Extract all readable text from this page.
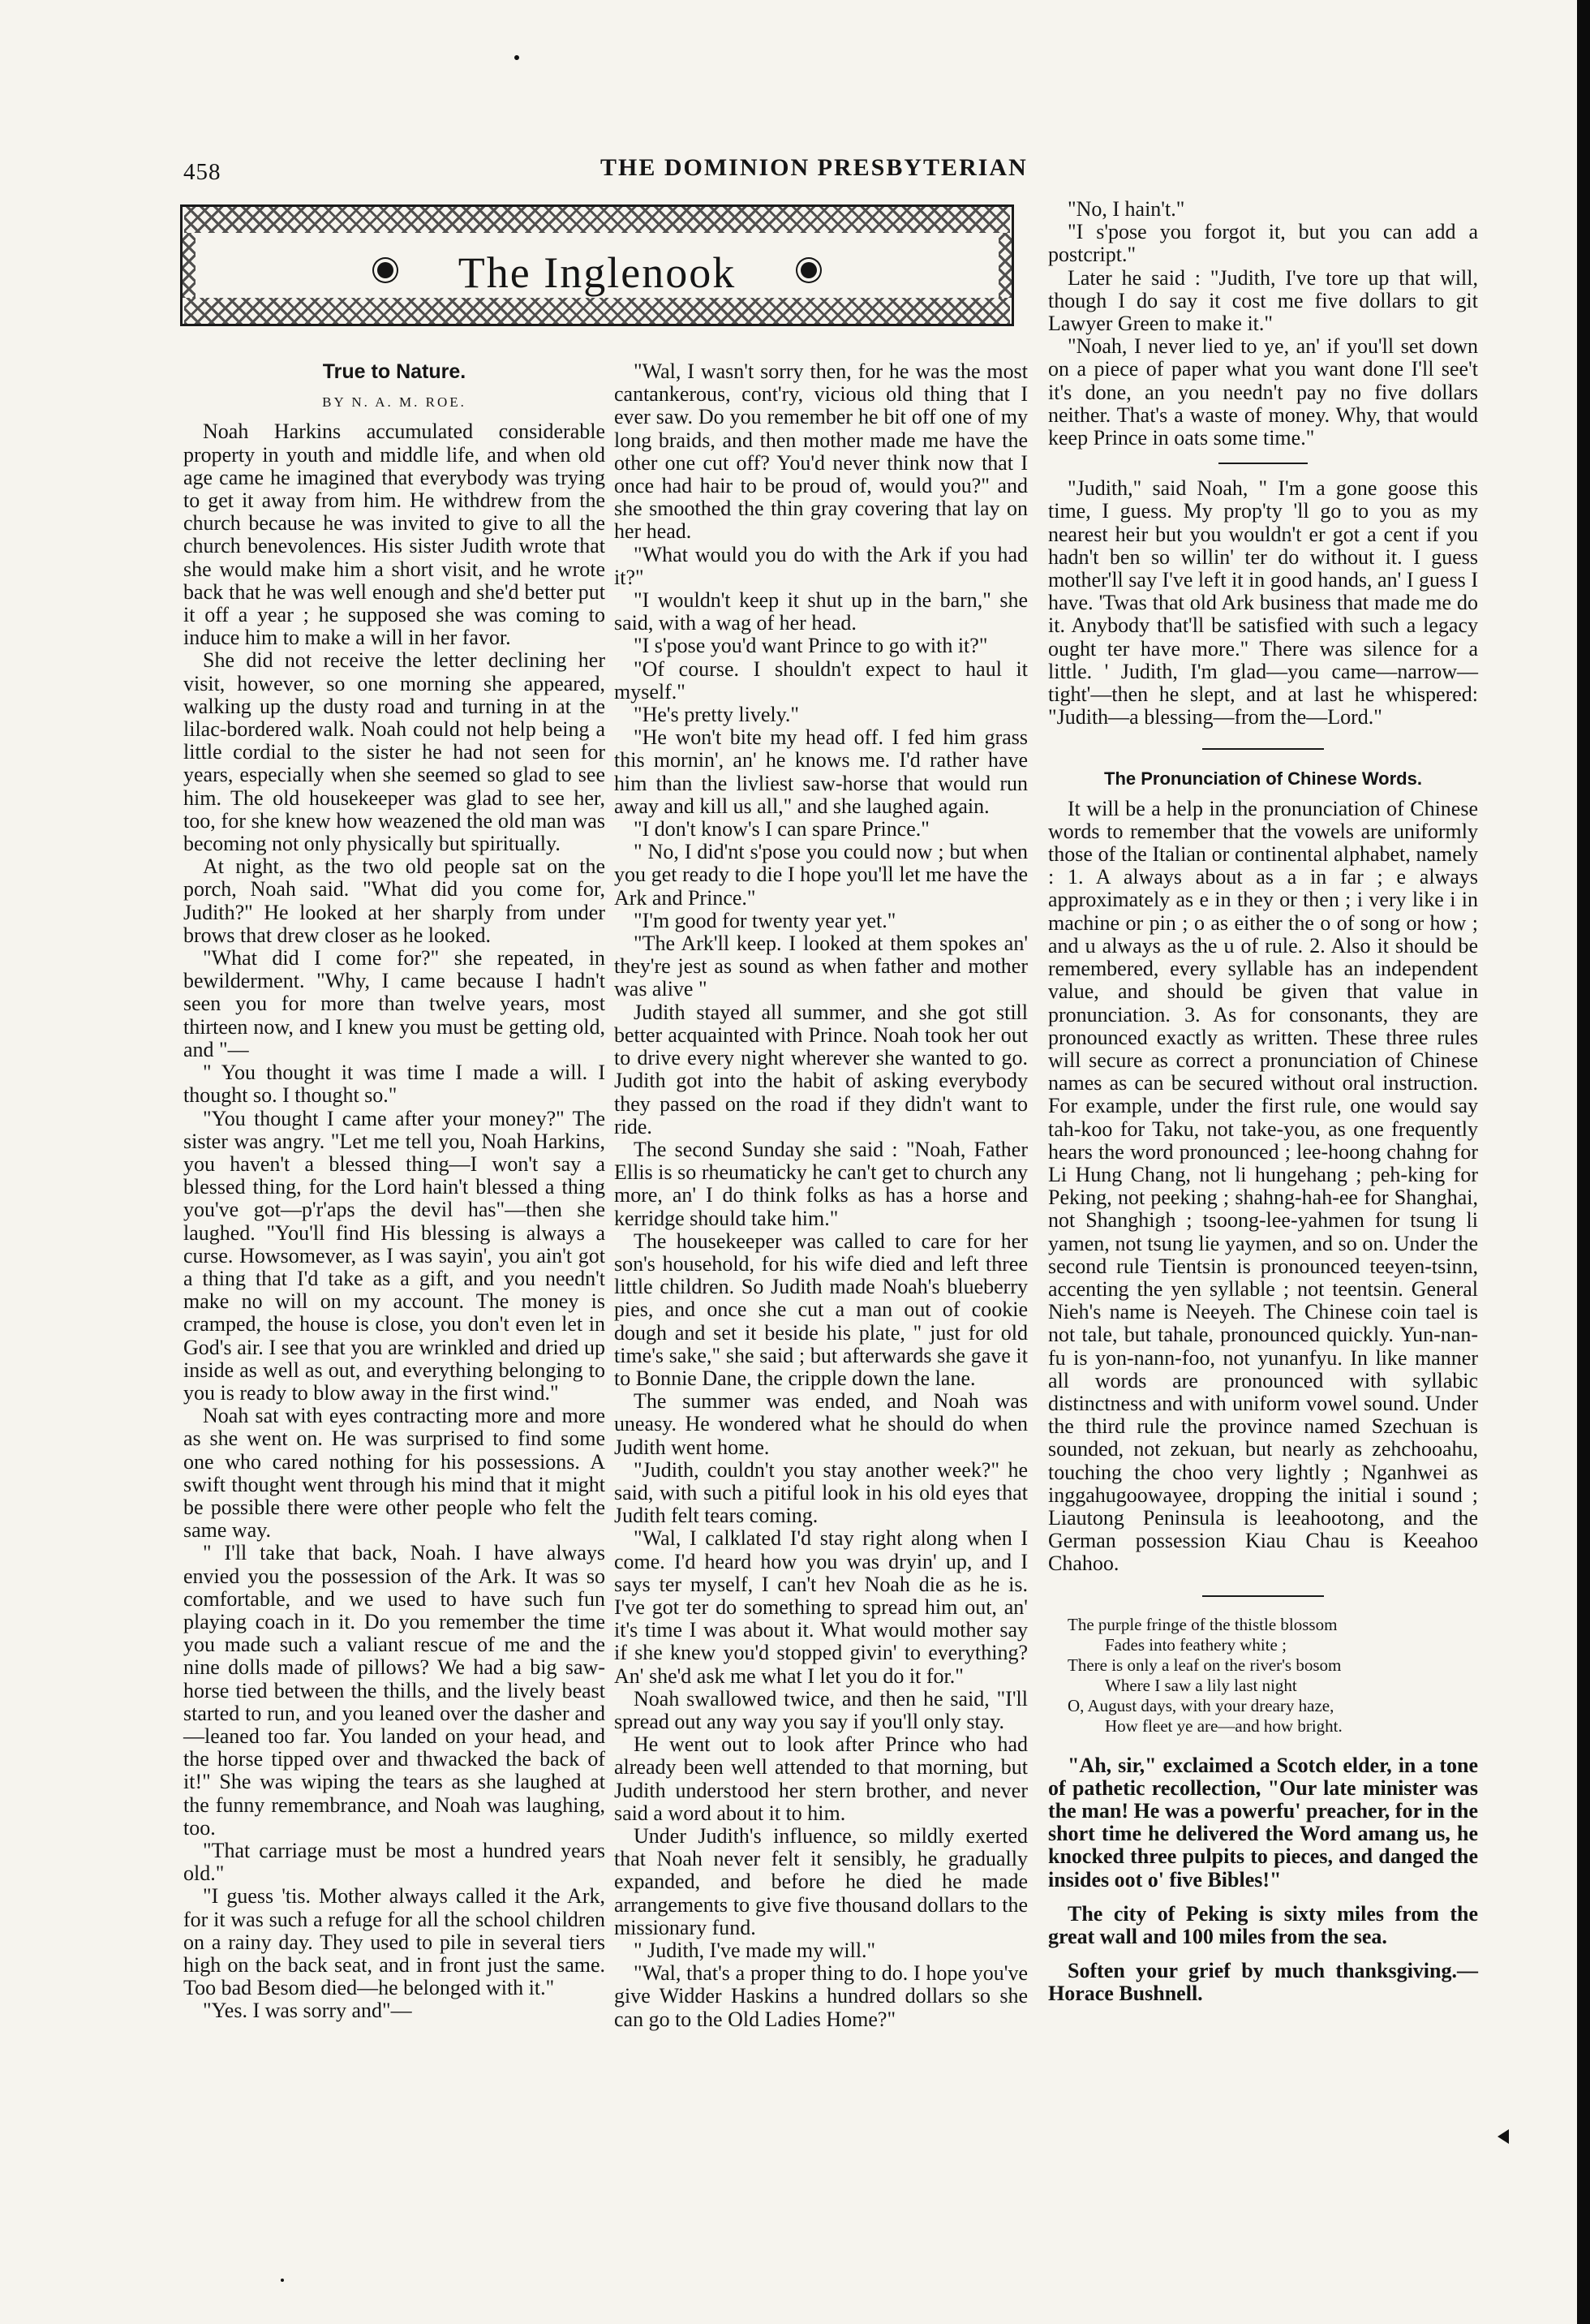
458	THE DOMINION PRESBYTERIAN
The Inglenook
True to Nature.
BY N. A. M. ROE.

Noah Harkins accumulated considerable property in youth and middle life, and when old age came he imagined that everybody was trying to get it away from him. He withdrew from the church because he was invited to give to all the church benevolences. His sister Judith wrote that she would make him a short visit, and he wrote back that he was well enough and she'd better put it off a year ; he supposed she was coming to induce him to make a will in her favor.

She did not receive the letter declining her visit, however, so one morning she appeared, walking up the dusty road and turning in at the lilac-bordered walk. Noah could not help being a little cordial to the sister he had not seen for years, especially when she seemed so glad to see him. The old housekeeper was glad to see her, too, for she knew how weazened the old man was becoming not only physically but spiritually.

At night, as the two old people sat on the porch, Noah said. "What did you come for, Judith?" He looked at her sharply from under brows that drew closer as he looked.

"What did I come for?" she repeated, in bewilderment. "Why, I came because I hadn't seen you for more than twelve years, most thirteen now, and I knew you must be getting old, and "—

" You thought it was time I made a will. I thought so. I thought so."

"You thought I came after your money?" The sister was angry. "Let me tell you, Noah Harkins, you haven't a blessed thing—I won't say a blessed thing, for the Lord hain't blessed a thing you've got—p'r'aps the devil has"—then she laughed. "You'll find His blessing is always a curse. Howsomever, as I was sayin', you ain't got a thing that I'd take as a gift, and you needn't make no will on my account. The money is cramped, the house is close, you don't even let in God's air. I see that you are wrinkled and dried up inside as well as out, and everything belonging to you is ready to blow away in the first wind."

Noah sat with eyes contracting more and more as she went on. He was surprised to find some one who cared nothing for his possessions. A swift thought went through his mind that it might be possible there were other people who felt the same way.

" I'll take that back, Noah. I have always envied you the possession of the Ark. It was so comfortable, and we used to have such fun playing coach in it. Do you remember the time you made such a valiant rescue of me and the nine dolls made of pillows? We had a big saw-horse tied between the thills, and the lively beast started to run, and you leaned over the dasher and—leaned too far. You landed on your head, and the horse tipped over and thwacked the back of it!" She was wiping the tears as she laughed at the funny remembrance, and Noah was laughing, too.

"That carriage must be most a hundred years old."

"I guess 'tis. Mother always called it the Ark, for it was such a refuge for all the school children on a rainy day. They used to pile in several tiers high on the back seat, and in front just the same. Too bad Besom died—he belonged with it."

"Yes. I was sorry and"—

"Wal, I wasn't sorry then, for he was the most cantankerous, cont'ry, vicious old thing that I ever saw. Do you remember he bit off one of my long braids, and then mother made me have the other one cut off? You'd never think now that I once had hair to be proud of, would you?" and she smoothed the thin gray covering that lay on her head.

"What would you do with the Ark if you had it?"

"I wouldn't keep it shut up in the barn," she said, with a wag of her head.

"I s'pose you'd want Prince to go with it?"

"Of course. I shouldn't expect to haul it myself."

"He's pretty lively."

"He won't bite my head off. I fed him grass this mornin', an' he knows me. I'd rather have him than the livliest saw-horse that would run away and kill us all," and she laughed again.

"I don't know's I can spare Prince."

" No, I did'nt s'pose you could now ; but when you get ready to die I hope you'll let me have the Ark and Prince."

"I'm good for twenty year yet."

"The Ark'll keep. I looked at them spokes an' they're jest as sound as when father and mother was alive "

Judith stayed all summer, and she got still better acquainted with Prince. Noah took her out to drive every night wherever she wanted to go. Judith got into the habit of asking everybody they passed on the road if they didn't want to ride.

The second Sunday she said : "Noah, Father Ellis is so rheumaticky he can't get to church any more, an' I do think folks as has a horse and kerridge should take him."

The housekeeper was called to care for her son's household, for his wife died and left three little children. So Judith made Noah's blueberry pies, and once she cut a man out of cookie dough and set it beside his plate, " just for old time's sake," she said ; but afterwards she gave it to Bonnie Dane, the cripple down the lane.

The summer was ended, and Noah was uneasy. He wondered what he should do when Judith went home.

"Judith, couldn't you stay another week?" he said, with such a pitiful look in his old eyes that Judith felt tears coming.

"Wal, I calklated I'd stay right along when I come. I'd heard how you was dryin' up, and I says ter myself, I can't hev Noah die as he is. I've got ter do something to spread him out, an' it's time I was about it. What would mother say if she knew you'd stopped givin' to everything? An' she'd ask me what I let you do it for."

Noah swallowed twice, and then he said, "I'll spread out any way you say if you'll only stay.

He went out to look after Prince who had already been well attended to that morning, but Judith understood her stern brother, and never said a word about it to him.

Under Judith's influence, so mildly exerted that Noah never felt it sensibly, he gradually expanded, and before he died he made arrangements to give five thousand dollars to the missionary fund.

" Judith, I've made my will."

"Wal, that's a proper thing to do. I hope you've give Widder Haskins a hundred dollars so she can go to the Old Ladies Home?"

"No, I hain't."

"I s'pose you forgot it, but you can add a postcript."

Later he said : "Judith, I've tore up that will, though I do say it cost me five dollars to git Lawyer Green to make it."

"Noah, I never lied to ye, an' if you'll set down on a piece of paper what you want done I'll see't it's done, an you needn't pay no five dollars neither. That's a waste of money. Why, that would keep Prince in oats some time."

"Judith," said Noah, " I'm a gone goose this time, I guess. My prop'ty 'll go to you as my nearest heir but you wouldn't er got a cent if you hadn't ben so willin' ter do without it. I guess mother'll say I've left it in good hands, an' I guess I have. 'Twas that old Ark business that made me do it. Anybody that'll be satisfied with such a legacy ought ter have more." There was silence for a little. ' Judith, I'm glad—you came—narrow—tight'—then he slept, and at last he whispered: "Judith—a blessing—from the—Lord."

The Pronunciation of Chinese Words.

It will be a help in the pronunciation of Chinese words to remember that the vowels are uniformly those of the Italian or continental alphabet, namely : 1. A always about as a in far ; e always approximately as e in they or then ; i very like i in machine or pin ; o as either the o of song or how ; and u always as the u of rule. 2. Also it should be remembered, every syllable has an independent value, and should be given that value in pronunciation. 3. As for consonants, they are pronounced exactly as written. These three rules will secure as correct a pronunciation of Chinese names as can be secured without oral instruction. For example, under the first rule, one would say tah-koo for Taku, not take-you, as one frequently hears the word pronounced ; lee-hoong chahng for Li Hung Chang, not li hungehang ; peh-king for Peking, not peeking ; shahng-hah-ee for Shanghai, not Shanghigh ; tsoong-lee-yahmen for tsung li yamen, not tsung lie yaymen, and so on. Under the second rule Tientsin is pronounced teeyen-tsinn, accenting the yen syllable ; not teentsin. General Nieh's name is Neeyeh. The Chinese coin tael is not tale, but tahale, pronounced quickly. Yun-nan-fu is yon-nann-foo, not yunanfyu. In like manner all words are pronounced with syllabic distinctness and with uniform vowel sound. Under the third rule the province named Szechuan is sounded, not zekuan, but nearly as zehchooahu, touching the choo very lightly ; Nganhwei as inggahugoowayee, dropping the initial i sound ; Liautong Peninsula is leeahootong, and the German possession Kiau Chau is Keeahoo Chahoo.

The purple fringe of the thistle blossom
Fades into feathery white ;
There is only a leaf on the river's bosom
Where I saw a lily last night
O, August days, with your dreary haze,
How fleet ye are—and how bright.

"Ah, sir," exclaimed a Scotch elder, in a tone of pathetic recollection, "Our late minister was the man! He was a powerfu' preacher, for in the short time he delivered the Word amang us, he knocked three pulpits to pieces, and danged the insides oot o' five Bibles!"

The city of Peking is sixty miles from the great wall and 100 miles from the sea.

Soften your grief by much thanksgiving.—Horace Bushnell.
